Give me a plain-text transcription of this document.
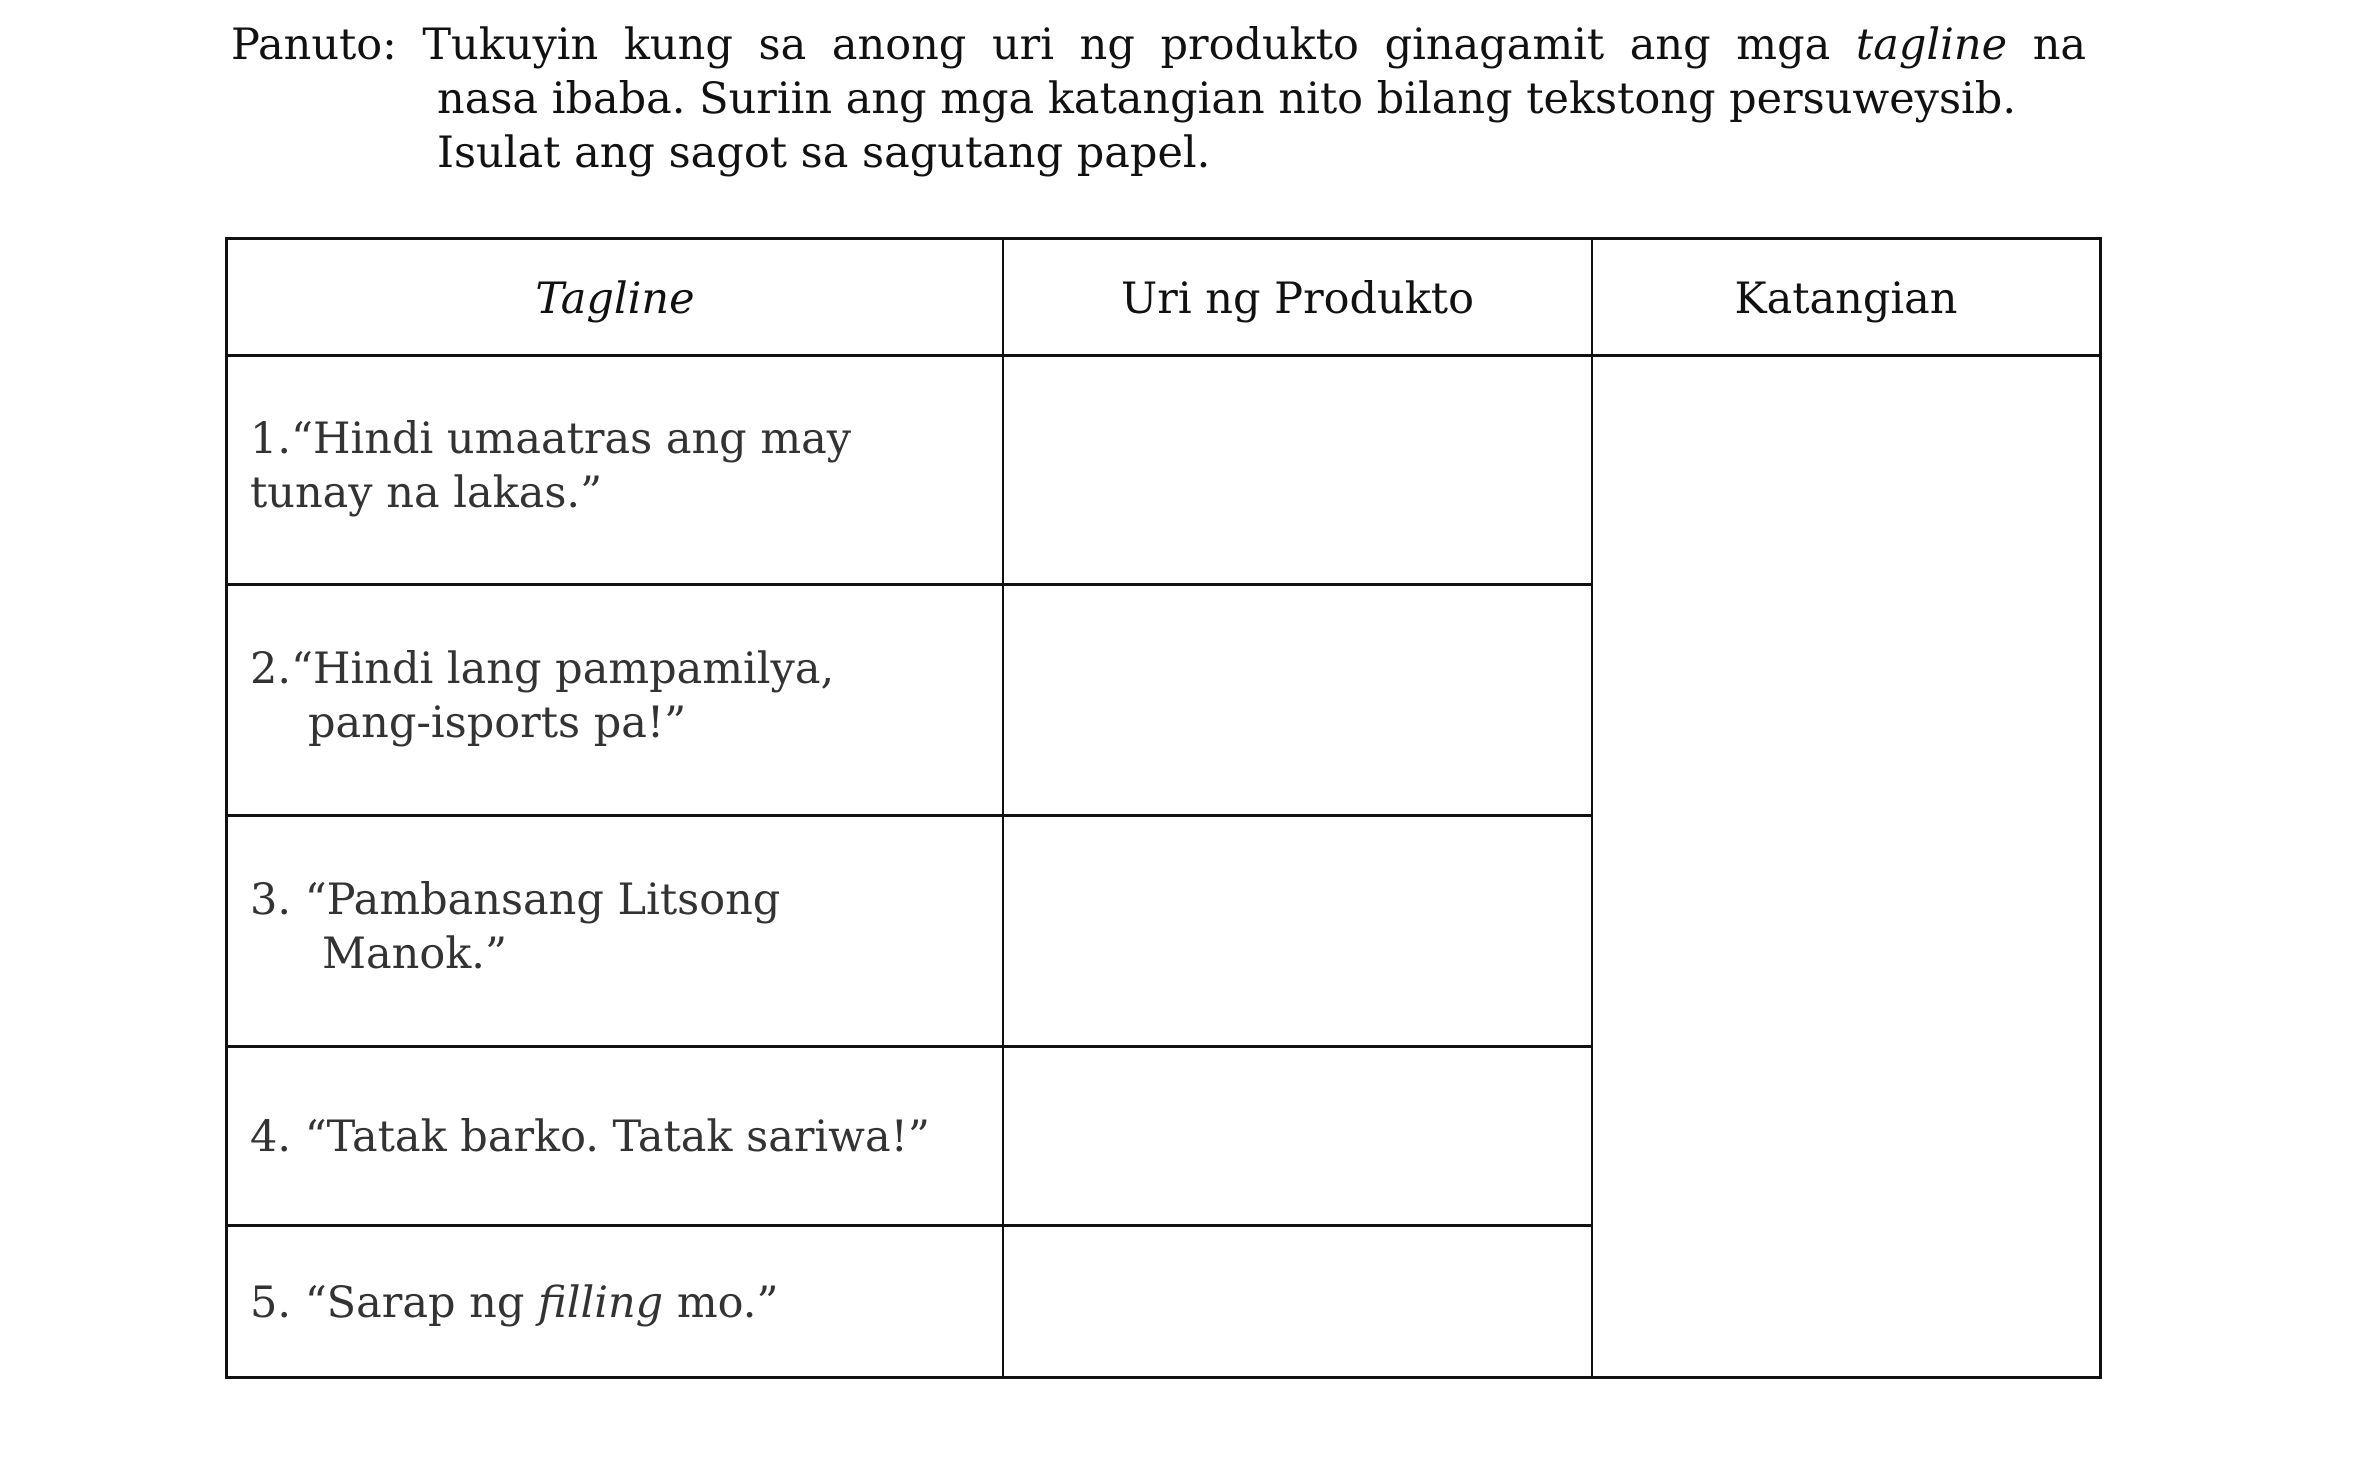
Panuto: Tukuyin kung sa anong uri ng produkto ginagamit ang mga tagline na
nasa ibaba. Suriin ang mga katangian nito bilang tekstong persuweysib.
Isulat ang sagot sa sagutang papel.
Tagline	Uri ng Produkto	Katangian
1.“Hindi umaatras ang may
tunay na lakas.”
2.“Hindi lang pampamilya,
pang-isports pa!”
3. “Pambansang Litsong
Manok.”
4. “Tatak barko. Tatak sariwa!”
5. “Sarap ng filling mo.”
